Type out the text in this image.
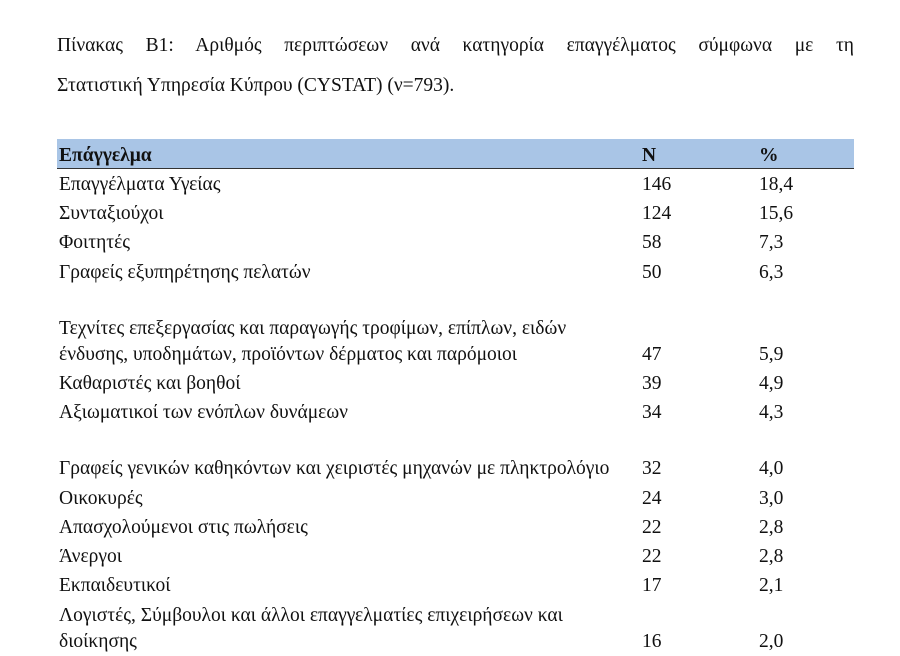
Πίνακας Β1: Αριθμός περιπτώσεων ανά κατηγορία επαγγέλματος σύμφωνα με τη
Στατιστική Υπηρεσία Κύπρου (CYSTAT) (ν=793).

Επάγγελμα	N	%
Επαγγέλματα Υγείας	146	18,4
Συνταξιούχοι	124	15,6
Φοιτητές	58	7,3
Γραφείς εξυπηρέτησης πελατών	50	6,3

Τεχνίτες επεξεργασίας και παραγωγής τροφίμων, επίπλων, ειδών ένδυσης, υποδημάτων, προϊόντων δέρματος και παρόμοιοι	47	5,9
Καθαριστές και βοηθοί	39	4,9
Αξιωματικοί των ενόπλων δυνάμεων	34	4,3

Γραφείς γενικών καθηκόντων και χειριστές μηχανών με πληκτρολόγιο	32	4,0
Οικοκυρές	24	3,0
Απασχολούμενοι στις πωλήσεις	22	2,8
Άνεργοι	22	2,8
Εκπαιδευτικοί	17	2,1

Λογιστές, Σύμβουλοι και άλλοι επαγγελματίες επιχειρήσεων και διοίκησης	16	2,0
